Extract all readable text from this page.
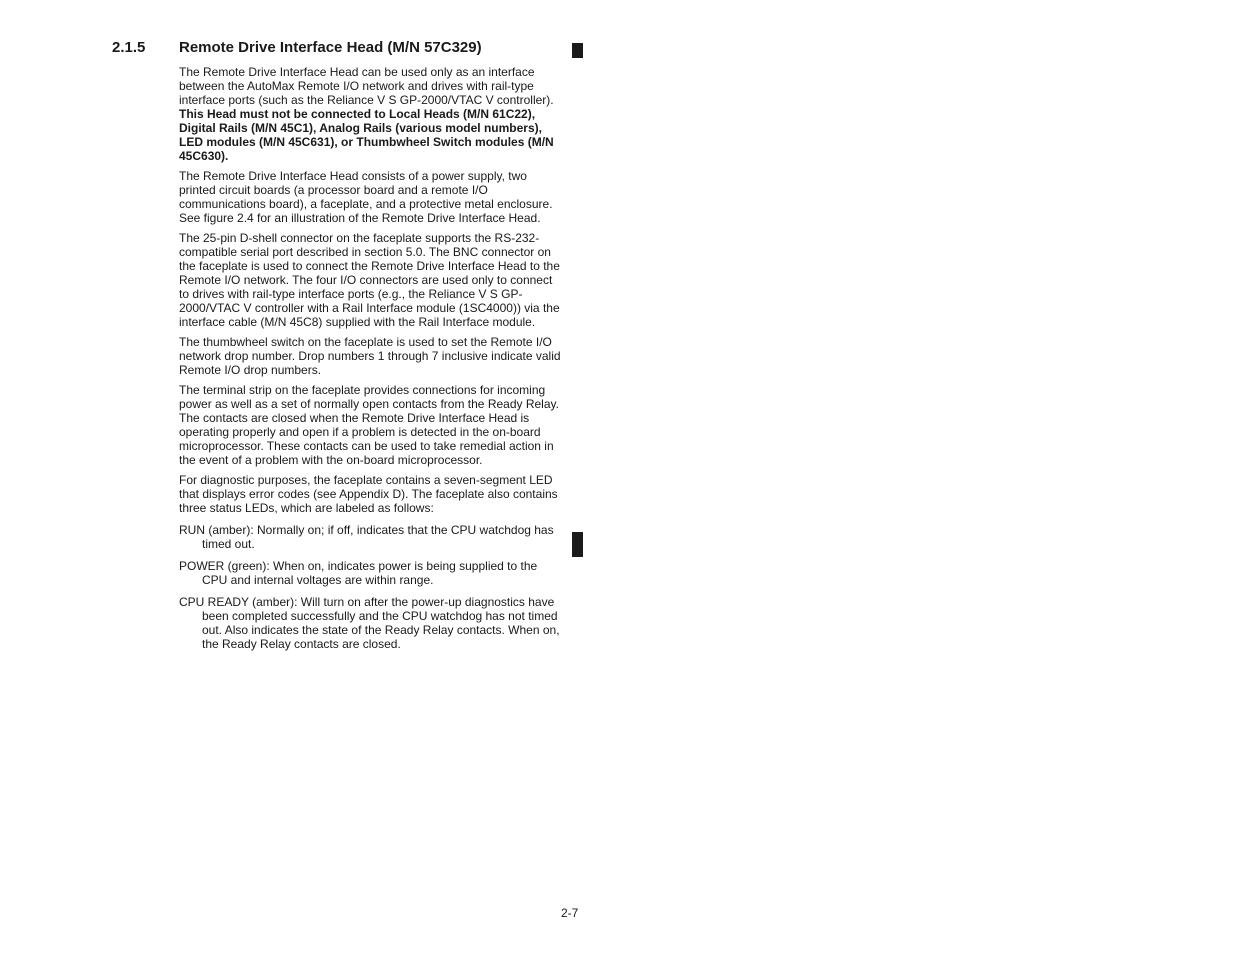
2.1.5 Remote Drive Interface Head (M/N 57C329)

The Remote Drive Interface Head can be used only as an interface between the AutoMax Remote I/O network and drives with rail-type interface ports (such as the Reliance V S GP-2000/VTAC V controller). This Head must not be connected to Local Heads (M/N 61C22), Digital Rails (M/N 45C1), Analog Rails (various model numbers), LED modules (M/N 45C631), or Thumbwheel Switch modules (M/N 45C630).

The Remote Drive Interface Head consists of a power supply, two printed circuit boards (a processor board and a remote I/O communications board), a faceplate, and a protective metal enclosure. See figure 2.4 for an illustration of the Remote Drive Interface Head.

The 25-pin D-shell connector on the faceplate supports the RS-232-compatible serial port described in section 5.0. The BNC connector on the faceplate is used to connect the Remote Drive Interface Head to the Remote I/O network. The four I/O connectors are used only to connect to drives with rail-type interface ports (e.g., the Reliance V S GP-2000/VTAC V controller with a Rail Interface module (1SC4000)) via the interface cable (M/N 45C8) supplied with the Rail Interface module.

The thumbwheel switch on the faceplate is used to set the Remote I/O network drop number. Drop numbers 1 through 7 inclusive indicate valid Remote I/O drop numbers.

The terminal strip on the faceplate provides connections for incoming power as well as a set of normally open contacts from the Ready Relay. The contacts are closed when the Remote Drive Interface Head is operating properly and open if a problem is detected in the on-board microprocessor. These contacts can be used to take remedial action in the event of a problem with the on-board microprocessor.

For diagnostic purposes, the faceplate contains a seven-segment LED that displays error codes (see Appendix D). The faceplate also contains three status LEDs, which are labeled as follows:

RUN (amber): Normally on; if off, indicates that the CPU watchdog has timed out.

POWER (green): When on, indicates power is being supplied to the CPU and internal voltages are within range.

CPU READY (amber): Will turn on after the power-up diagnostics have been completed successfully and the CPU watchdog has not timed out. Also indicates the state of the Ready Relay contacts. When on, the Ready Relay contacts are closed.

2-7
